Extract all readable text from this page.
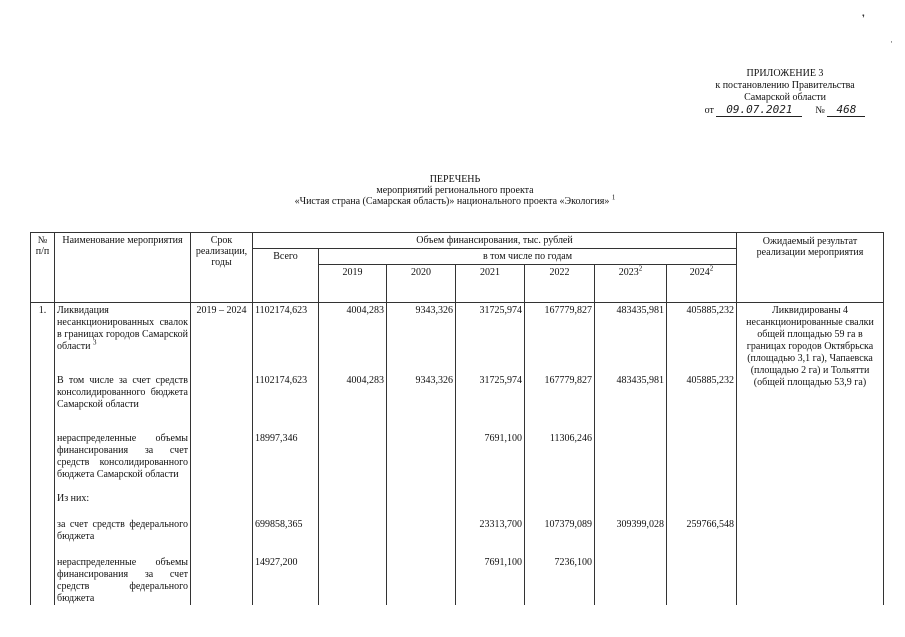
❜
·
ПРИЛОЖЕНИЕ 3
к постановлению Правительства
Самарской области
от 09.07.2021 № 468
ПЕРЕЧЕНЬ
мероприятий регионального проекта
«Чистая страна (Самарская область)» национального проекта «Экология» $^1$
№ п/п	Наименование мероприятия	Срок реализации, годы	Объем финансирования, тыс. рублей							Ожидаемый результат реализации мероприятия
			Всего	в том числе по годам						
				2019	2020	2021	2022	2023$^2$	2024$^2$
1.	Ликвидация несанкционированных свалок в границах городов Самарской области $^3$	2019 – 2024	1102174,623	4004,283	9343,326	31725,974	167779,827	483435,981	405885,232	Ликвидированы 4 несанкционированные свалки общей площадью 59 га в границах городов Октябрьска (площадью 3,1 га), Чапаевска (площадью 2 га) и Тольятти (общей площадью 53,9 га)

	В том числе за счет средств консолидированного бюджета Самарской области		1102174,623	4004,283	9343,326	31725,974	167779,827	483435,981	405885,232	

	нераспределенные объемы финансирования за счет средств консолидированного бюджета Самарской области		18997,346			7691,100	11306,246			

	Из них:									

	за счет средств федерального бюджета		699858,365			23313,700	107379,089	309399,028	259766,548	

	нераспределенные объемы финансирования за счет средств федерального бюджета		14927,200			7691,100	7236,100			
